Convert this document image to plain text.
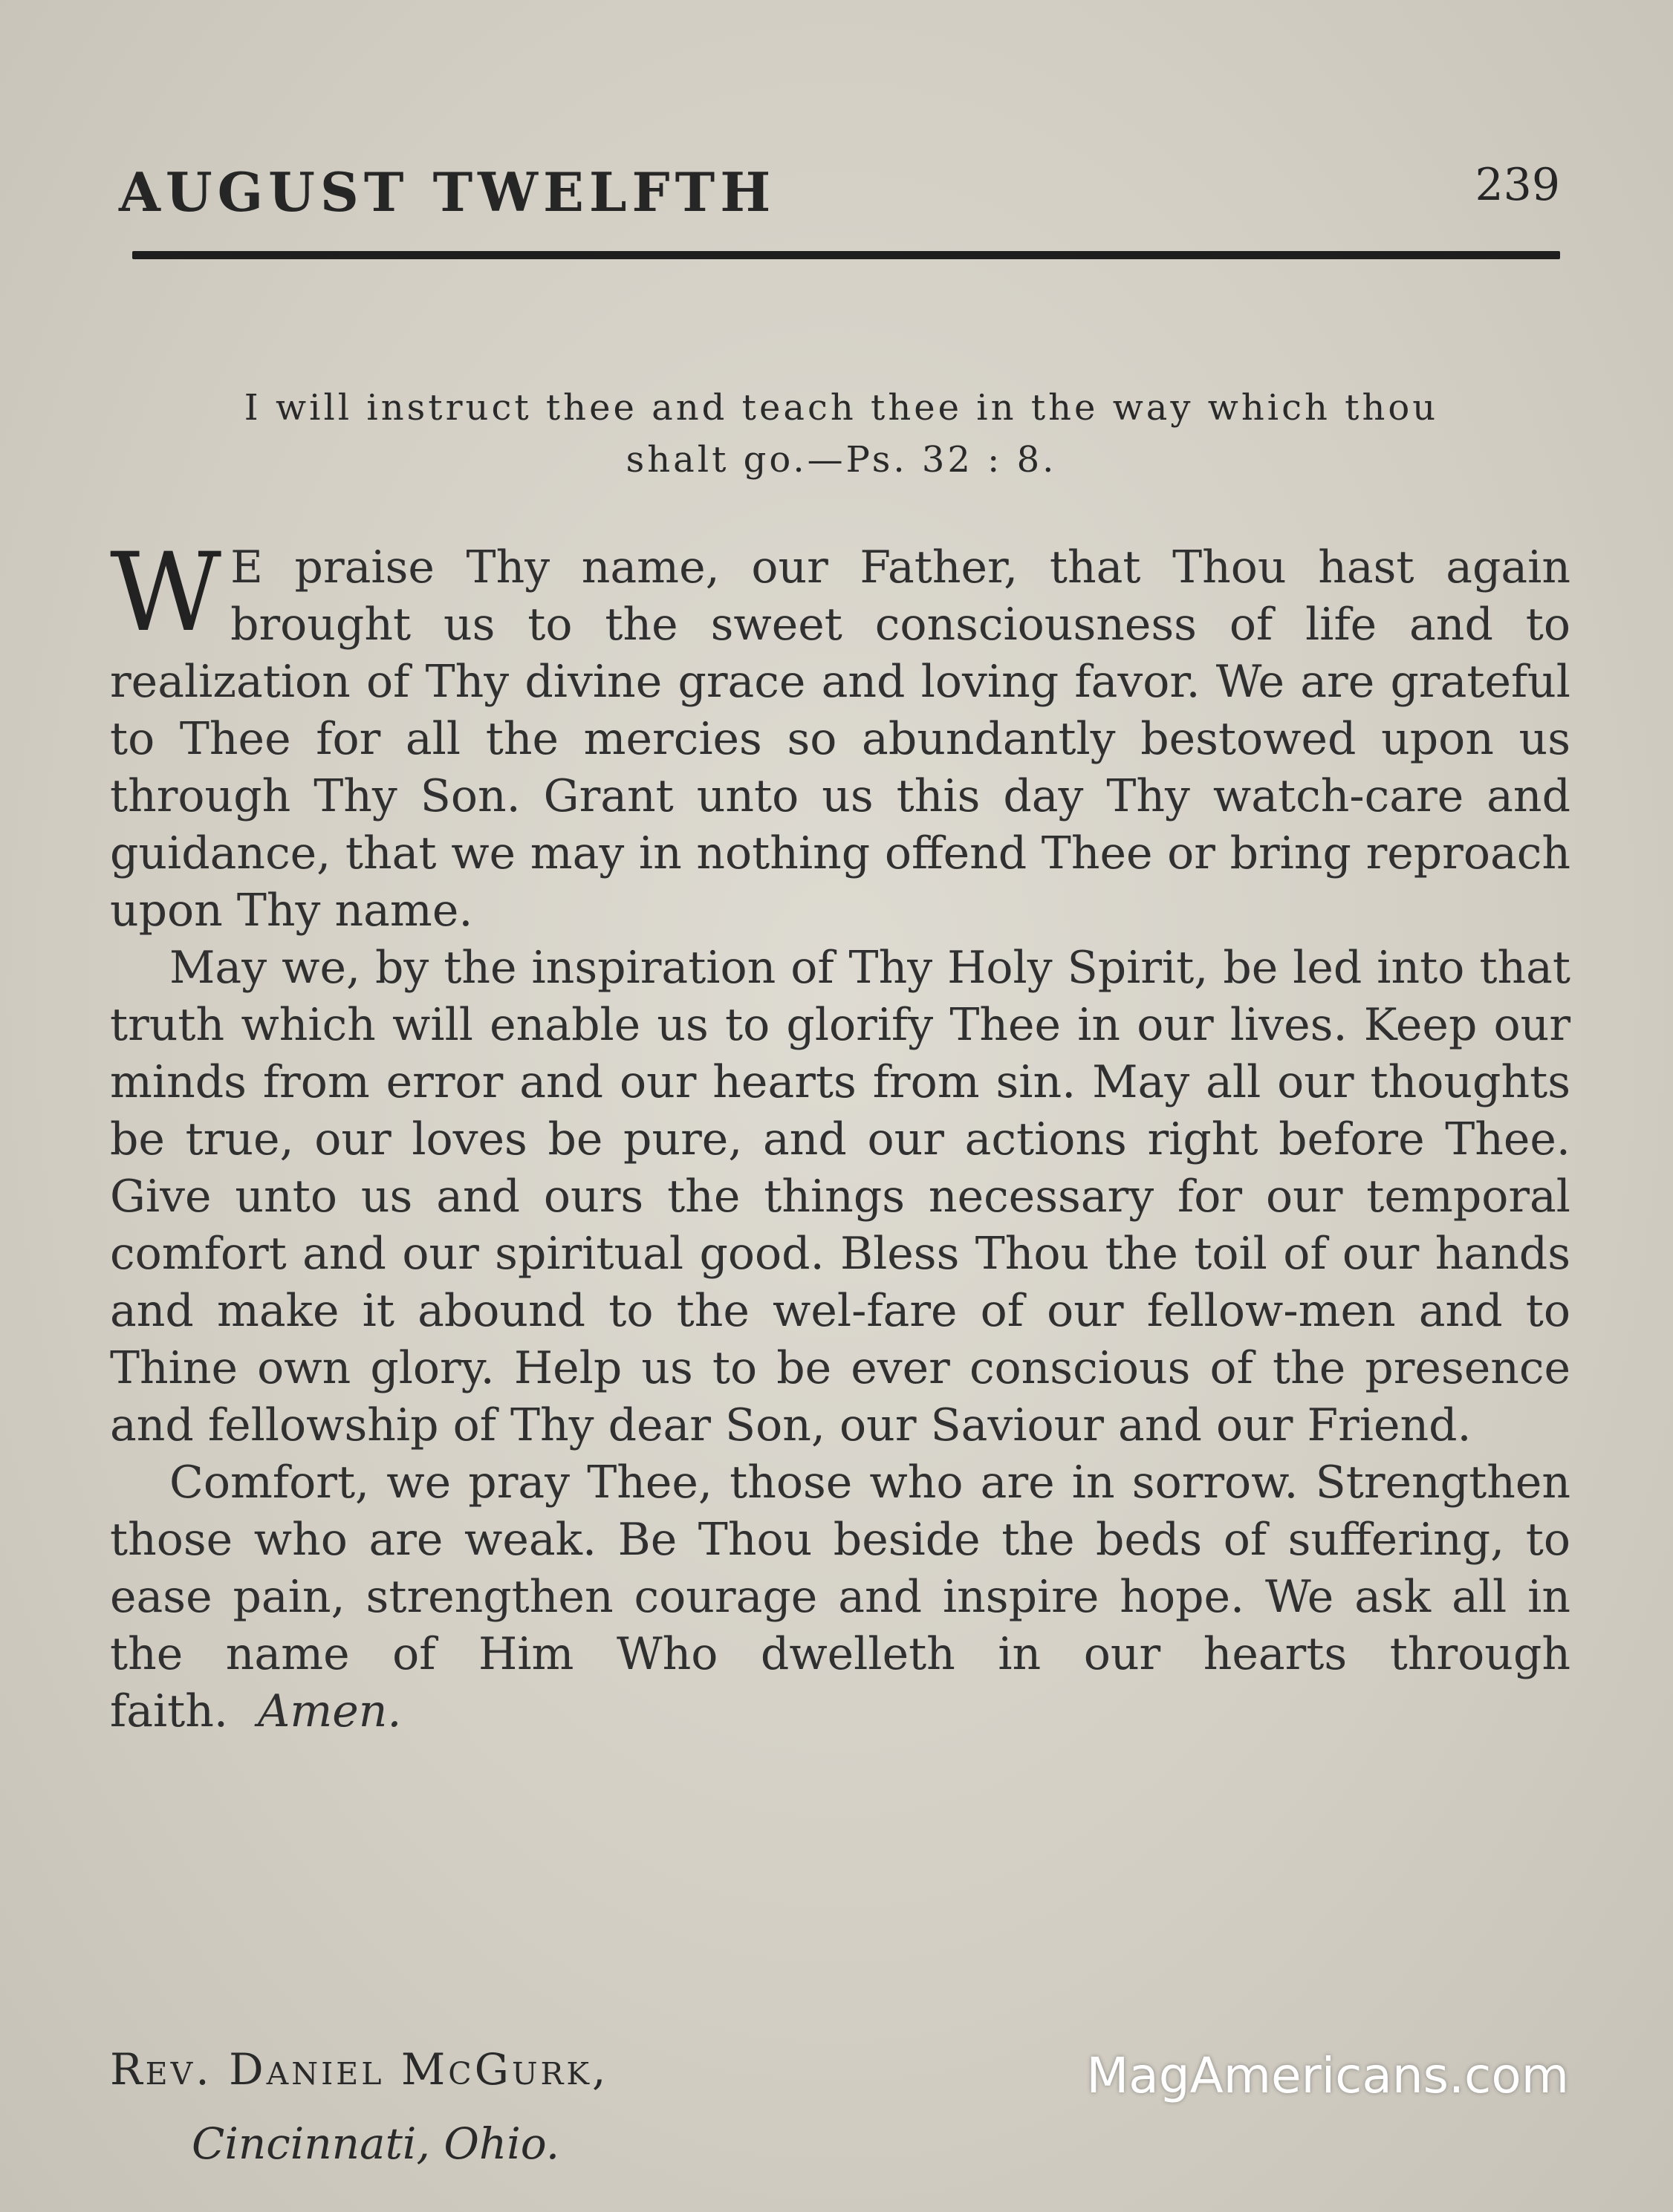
AUGUST TWELFTH	239
I will instruct thee and teach thee in the way which thou
shalt go.—Ps. 32 : 8.

W E praise Thy name, our Father, that Thou hast again brought us to the sweet consciousness of life and to realization of Thy divine grace and loving favor. We are grateful to Thee for all the mercies so abundantly bestowed upon us through Thy Son. Grant unto us this day Thy watch-care and guidance, that we may in nothing offend Thee or bring reproach upon Thy name.

May we, by the inspiration of Thy Holy Spirit, be led into that truth which will enable us to glorify Thee in our lives. Keep our minds from error and our hearts from sin. May all our thoughts be true, our loves be pure, and our actions right before Thee. Give unto us and ours the things necessary for our temporal comfort and our spiritual good. Bless Thou the toil of our hands and make it abound to the wel-fare of our fellow-men and to Thine own glory. Help us to be ever conscious of the presence and fellowship of Thy dear Son, our Saviour and our Friend.

Comfort, we pray Thee, those who are in sorrow. Strengthen those who are weak. Be Thou beside the beds of suffering, to ease pain, strengthen courage and inspire hope. We ask all in the name of Him Who dwelleth in our hearts through faith. Amen.

Rev. Daniel McGurk,
Cincinnati, Ohio.
MagAmericans.com
